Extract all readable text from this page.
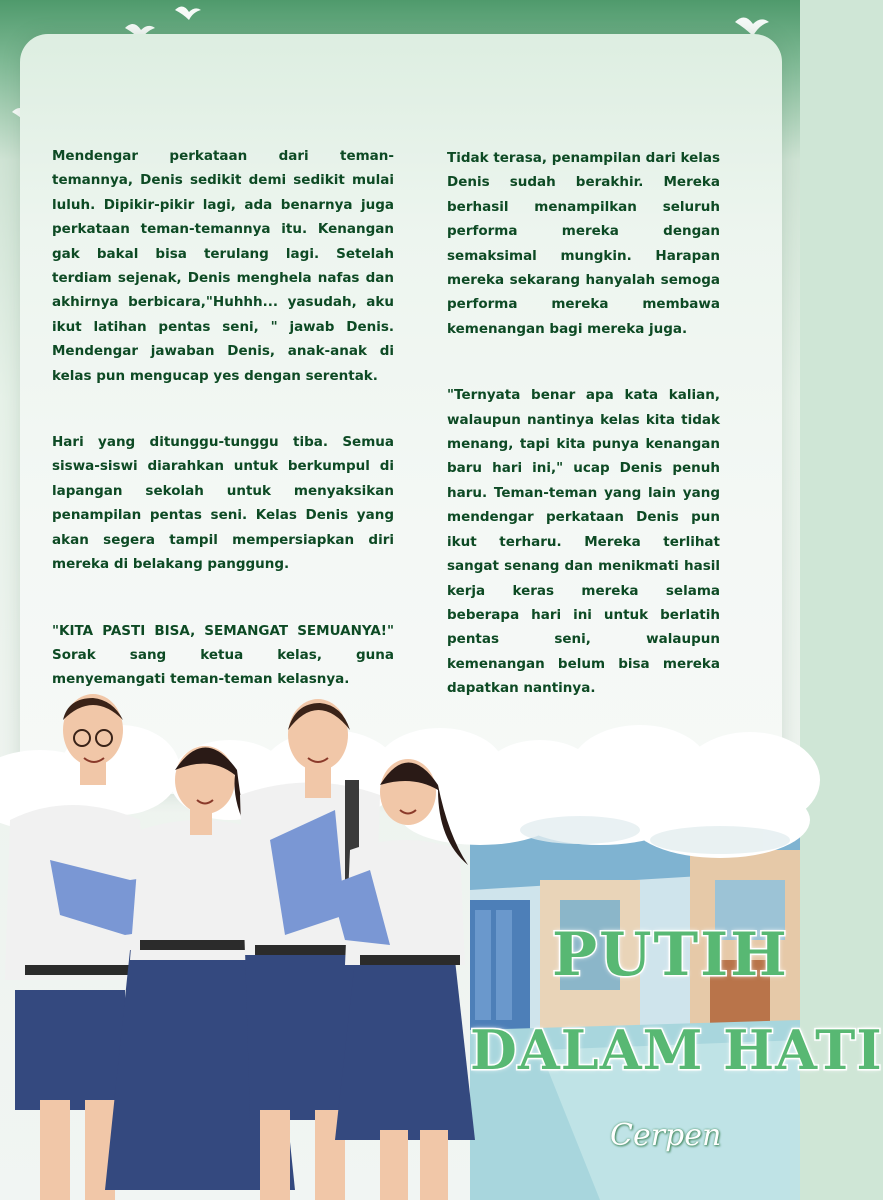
Mendengar perkataan dari teman-temannya, Denis sedikit demi sedikit mulai luluh. Dipikir-pikir lagi, ada benarnya juga perkataan teman-temannya itu. Kenangan gak bakal bisa terulang lagi. Setelah terdiam sejenak, Denis menghela nafas dan akhirnya berbicara,"Huhhh... yasudah, aku ikut latihan pentas seni, " jawab Denis. Mendengar jawaban Denis, anak-anak di kelas pun mengucap yes dengan serentak.

Hari yang ditunggu-tunggu tiba. Semua siswa-siswi diarahkan untuk berkumpul di lapangan sekolah untuk menyaksikan penampilan pentas seni. Kelas Denis yang akan segera tampil mempersiapkan diri mereka di belakang panggung.

"KITA PASTI BISA, SEMANGAT SEMUANYA!" Sorak sang ketua kelas, guna menyemangati teman-teman kelasnya.

Tidak terasa, penampilan dari kelas Denis sudah berakhir. Mereka berhasil menampilkan seluruh performa mereka dengan semaksimal mungkin. Harapan mereka sekarang hanyalah semoga performa mereka membawa kemenangan bagi mereka juga.

"Ternyata benar apa kata kalian, walaupun nantinya kelas kita tidak menang, tapi kita punya kenangan baru hari ini," ucap Denis penuh haru. Teman-teman yang lain yang mendengar perkataan Denis pun ikut terharu. Mereka terlihat sangat senang dan menikmati hasil kerja keras mereka selama beberapa hari ini untuk berlatih pentas seni, walaupun kemenangan belum bisa mereka dapatkan nantinya.

PUTIH
DALAM HATI
Cerpen
